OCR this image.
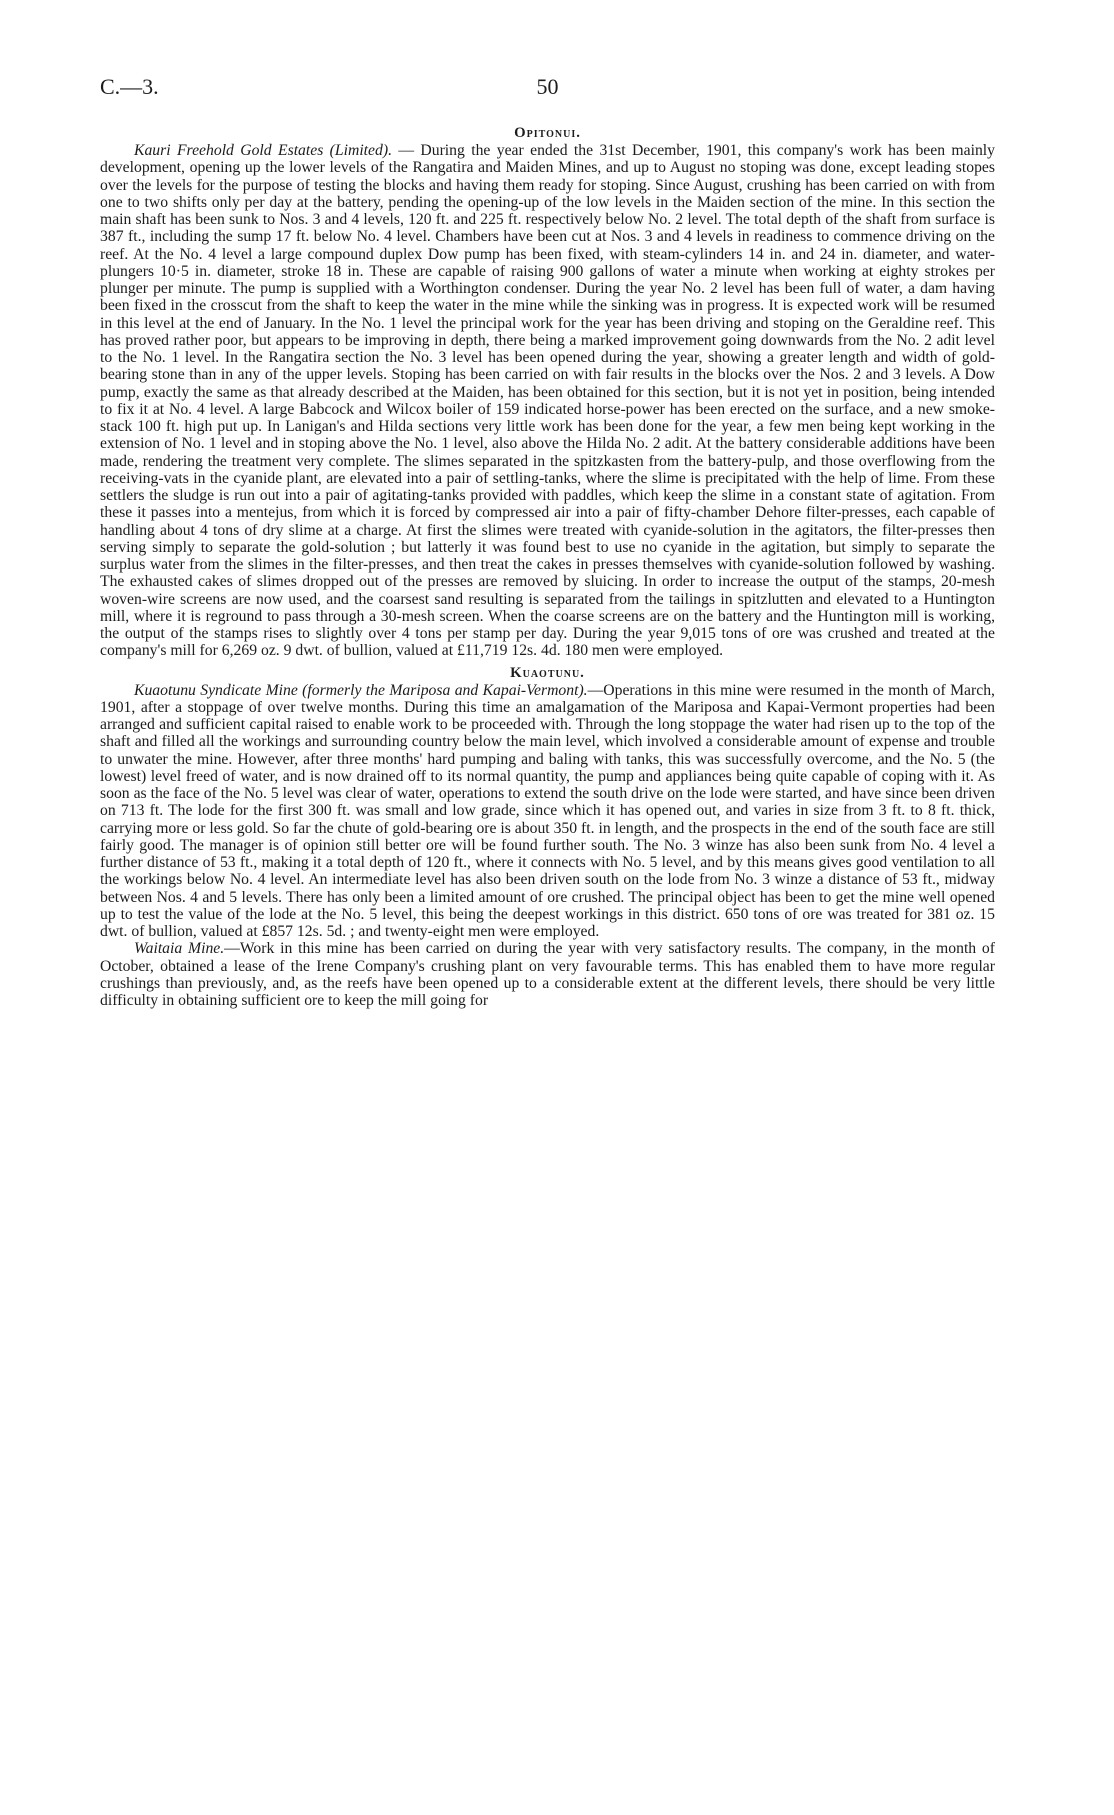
C.—3.	50
Opitonui.

Kauri Freehold Gold Estates (Limited). — During the year ended the 31st December, 1901, this company's work has been mainly development, opening up the lower levels of the Rangatira and Maiden Mines, and up to August no stoping was done, except leading stopes over the levels for the purpose of testing the blocks and having them ready for stoping. Since August, crushing has been carried on with from one to two shifts only per day at the battery, pending the opening-up of the low levels in the Maiden section of the mine. In this section the main shaft has been sunk to Nos. 3 and 4 levels, 120 ft. and 225 ft. respectively below No. 2 level. The total depth of the shaft from surface is 387 ft., including the sump 17 ft. below No. 4 level. Chambers have been cut at Nos. 3 and 4 levels in readiness to commence driving on the reef. At the No. 4 level a large compound duplex Dow pump has been fixed, with steam-cylinders 14 in. and 24 in. diameter, and water-plungers 10·5 in. diameter, stroke 18 in. These are capable of raising 900 gallons of water a minute when working at eighty strokes per plunger per minute. The pump is supplied with a Worthington condenser. During the year No. 2 level has been full of water, a dam having been fixed in the crosscut from the shaft to keep the water in the mine while the sinking was in progress. It is expected work will be resumed in this level at the end of January. In the No. 1 level the principal work for the year has been driving and stoping on the Geraldine reef. This has proved rather poor, but appears to be improving in depth, there being a marked improvement going downwards from the No. 2 adit level to the No. 1 level. In the Rangatira section the No. 3 level has been opened during the year, showing a greater length and width of gold-bearing stone than in any of the upper levels. Stoping has been carried on with fair results in the blocks over the Nos. 2 and 3 levels. A Dow pump, exactly the same as that already described at the Maiden, has been obtained for this section, but it is not yet in position, being intended to fix it at No. 4 level. A large Babcock and Wilcox boiler of 159 indicated horse-power has been erected on the surface, and a new smoke-stack 100 ft. high put up. In Lanigan's and Hilda sections very little work has been done for the year, a few men being kept working in the extension of No. 1 level and in stoping above the No. 1 level, also above the Hilda No. 2 adit. At the battery considerable additions have been made, rendering the treatment very complete. The slimes separated in the spitzkasten from the battery-pulp, and those overflowing from the receiving-vats in the cyanide plant, are elevated into a pair of settling-tanks, where the slime is precipitated with the help of lime. From these settlers the sludge is run out into a pair of agitating-tanks provided with paddles, which keep the slime in a constant state of agitation. From these it passes into a mentejus, from which it is forced by compressed air into a pair of fifty-chamber Dehore filter-presses, each capable of handling about 4 tons of dry slime at a charge. At first the slimes were treated with cyanide-solution in the agitators, the filter-presses then serving simply to separate the gold-solution ; but latterly it was found best to use no cyanide in the agitation, but simply to separate the surplus water from the slimes in the filter-presses, and then treat the cakes in presses themselves with cyanide-solution followed by washing. The exhausted cakes of slimes dropped out of the presses are removed by sluicing. In order to increase the output of the stamps, 20-mesh woven-wire screens are now used, and the coarsest sand resulting is separated from the tailings in spitzlutten and elevated to a Huntington mill, where it is reground to pass through a 30-mesh screen. When the coarse screens are on the battery and the Huntington mill is working, the output of the stamps rises to slightly over 4 tons per stamp per day. During the year 9,015 tons of ore was crushed and treated at the company's mill for 6,269 oz. 9 dwt. of bullion, valued at £11,719 12s. 4d. 180 men were employed.

Kuaotunu.

Kuaotunu Syndicate Mine (formerly the Mariposa and Kapai-Vermont).—Operations in this mine were resumed in the month of March, 1901, after a stoppage of over twelve months. During this time an amalgamation of the Mariposa and Kapai-Vermont properties had been arranged and sufficient capital raised to enable work to be proceeded with. Through the long stoppage the water had risen up to the top of the shaft and filled all the workings and surrounding country below the main level, which involved a considerable amount of expense and trouble to unwater the mine. However, after three months' hard pumping and baling with tanks, this was successfully overcome, and the No. 5 (the lowest) level freed of water, and is now drained off to its normal quantity, the pump and appliances being quite capable of coping with it. As soon as the face of the No. 5 level was clear of water, operations to extend the south drive on the lode were started, and have since been driven on 713 ft. The lode for the first 300 ft. was small and low grade, since which it has opened out, and varies in size from 3 ft. to 8 ft. thick, carrying more or less gold. So far the chute of gold-bearing ore is about 350 ft. in length, and the prospects in the end of the south face are still fairly good. The manager is of opinion still better ore will be found further south. The No. 3 winze has also been sunk from No. 4 level a further distance of 53 ft., making it a total depth of 120 ft., where it connects with No. 5 level, and by this means gives good ventilation to all the workings below No. 4 level. An intermediate level has also been driven south on the lode from No. 3 winze a distance of 53 ft., midway between Nos. 4 and 5 levels. There has only been a limited amount of ore crushed. The principal object has been to get the mine well opened up to test the value of the lode at the No. 5 level, this being the deepest workings in this district. 650 tons of ore was treated for 381 oz. 15 dwt. of bullion, valued at £857 12s. 5d. ; and twenty-eight men were employed.

Waitaia Mine.—Work in this mine has been carried on during the year with very satisfactory results. The company, in the month of October, obtained a lease of the Irene Company's crushing plant on very favourable terms. This has enabled them to have more regular crushings than previously, and, as the reefs have been opened up to a considerable extent at the different levels, there should be very little difficulty in obtaining sufficient ore to keep the mill going for
